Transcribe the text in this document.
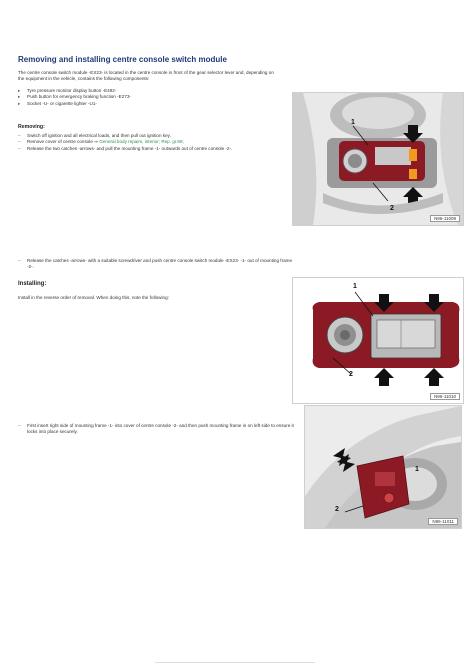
Removing and installing centre console switch module
The centre console switch module -EX23- is located in the centre console in front of the gear selector lever and, depending on the equipment in the vehicle, contains the following components:
▸ Tyre pressure monitor display button -E492-
▸ Push button for emergency braking function -E273-
▸ Socket -U- or cigarette lighter -U1-
Removing:
– Switch off ignition and all electrical loads, and then pull out ignition key.
– Remove cover of centre console ⇒ General body repairs, interior; Rep. gr.68;
– Release the two catches -arrows- and pull the mounting frame -1- outwards out of centre console -2-.
1
2
N96-11009
– Release the catches -arrows- with a suitable screwdriver and push centre console switch module -EX23- -1- out of mounting frame -2-.
Installing:
Install in the reverse order of removal. When doing this, note the following:
1
2
N96-11010
– First insert right side of mounting frame -1- into cover of centre console -2- and then push mounting frame in on left side to ensure it locks into place securely.
1
2
N96-11011
